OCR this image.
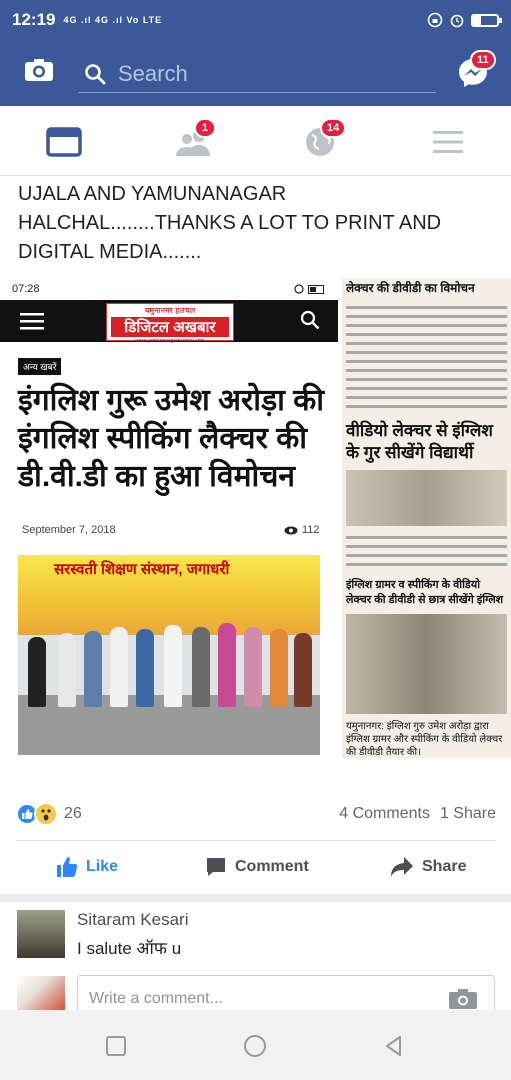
12:19 4G .ıl 4G .ıl Vo LTE
Search
11
1	14
UJALA AND YAMUNANAGAR HALCHAL........THANKS A LOT TO PRINT AND DIGITAL MEDIA.......
07:28
यमुनानगर हलचल
डिजिटल अखबार
www.yamunanagarhulchal.com
अन्य खबरें
इंगलिश गुरू उमेश अरोड़ा की इंगलिश स्पीकिंग लैक्चर की डी.वी.डी का हुआ विमोचन
September 7, 2018	112
सरस्वती शिक्षण संस्थान, जगाधरी
लेक्चर की डीवीडी का विमोचन
वीडियो लेक्चर से इंग्लिश के गुर सीखेंगे विद्यार्थी
इंग्लिश ग्रामर व स्पीकिंग के वीडियो लेक्चर की डीवीडी से छात्र सीखेंगे इंग्लिश
यमुनानगर: इंग्लिश गुरु उमेश अरोड़ा द्वारा इंग्लिश ग्रामर और स्पीकिंग के वीडियो लेक्चर की डीवीडी तैयार की।
26	4 Comments 1 Share
Like	Comment	Share
Sitaram Kesari
I salute ऑफ u
Write a comment...
